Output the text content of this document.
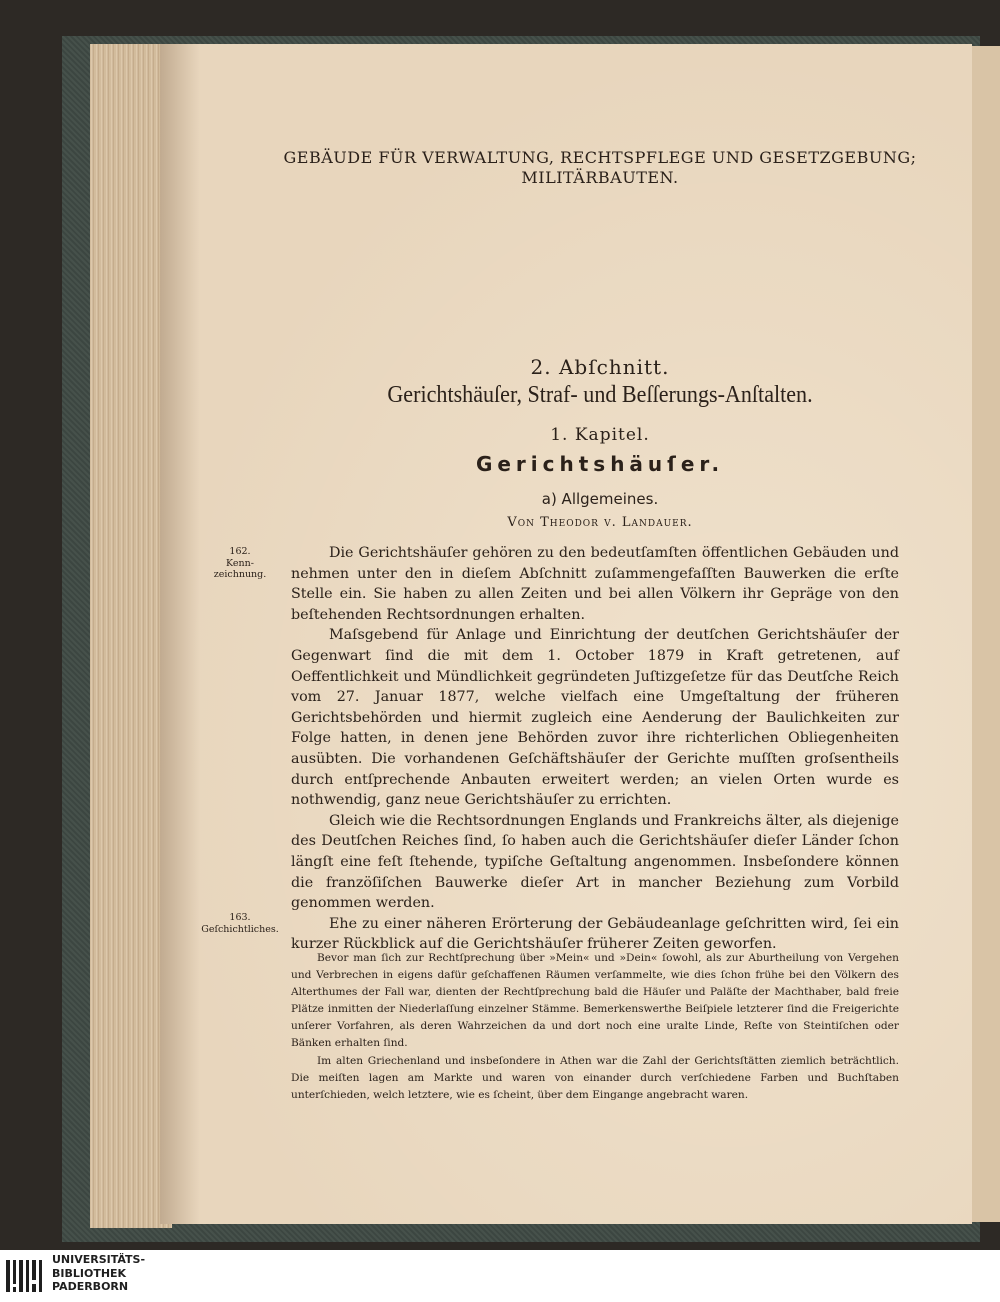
GEBÄUDE FÜR VERWALTUNG, RECHTSPFLEGE UND GESETZGEBUNG;
MILITÄRBAUTEN.
2. Abſchnitt.
Gerichtshäuſer, Straf- und Beſſerungs-Anſtalten.
1. Kapitel.
Gerichtshäuſer.
a) Allgemeines.
Von Theodor v. Landauer.
162.
Kenn-
zeichnung.
163.
Geſchichtliches.

Die Gerichtshäuſer gehören zu den bedeutſamſten öffentlichen Gebäuden und nehmen unter den in dieſem Abſchnitt zuſammengefaſſten Bauwerken die erſte Stelle ein. Sie haben zu allen Zeiten und bei allen Völkern ihr Gepräge von den beſtehenden Rechtsordnungen erhalten.

Maſsgebend für Anlage und Einrichtung der deutſchen Gerichtshäuſer der Gegenwart ſind die mit dem 1. October 1879 in Kraft getretenen, auf Oeffentlichkeit und Mündlichkeit gegründeten Juſtizgeſetze für das Deutſche Reich vom 27. Januar 1877, welche vielfach eine Umgeſtaltung der früheren Gerichtsbehörden und hiermit zugleich eine Aenderung der Baulichkeiten zur Folge hatten, in denen jene Behörden zuvor ihre richterlichen Obliegenheiten ausübten. Die vorhandenen Geſchäftshäuſer der Gerichte muſſten groſsentheils durch entſprechende Anbauten erweitert werden; an vielen Orten wurde es nothwendig, ganz neue Gerichtshäuſer zu errichten.

Gleich wie die Rechtsordnungen Englands und Frankreichs älter, als diejenige des Deutſchen Reiches ſind, ſo haben auch die Gerichtshäuſer dieſer Länder ſchon längſt eine feſt ſtehende, typiſche Geſtaltung angenommen. Insbeſondere können die franzöſiſchen Bauwerke dieſer Art in mancher Beziehung zum Vorbild genommen werden.

Ehe zu einer näheren Erörterung der Gebäudeanlage geſchritten wird, ſei ein kurzer Rückblick auf die Gerichtshäuſer früherer Zeiten geworfen.

Bevor man ſich zur Rechtſprechung über »Mein« und »Dein« ſowohl, als zur Aburtheilung von Vergehen und Verbrechen in eigens dafür geſchaffenen Räumen verſammelte, wie dies ſchon frühe bei den Völkern des Alterthumes der Fall war, dienten der Rechtſprechung bald die Häuſer und Paläſte der Machthaber, bald freie Plätze inmitten der Niederlaſſung einzelner Stämme. Bemerkenswerthe Beiſpiele letzterer ſind die Freigerichte unſerer Vorfahren, als deren Wahrzeichen da und dort noch eine uralte Linde, Reſte von Steintiſchen oder Bänken erhalten ſind.

Im alten Griechenland und insbeſondere in Athen war die Zahl der Gerichtsſtätten ziemlich beträchtlich. Die meiſten lagen am Markte und waren von einander durch verſchiedene Farben und Buchſtaben unterſchieden, welch letztere, wie es ſcheint, über dem Eingange angebracht waren.

UNIVERSITÄTS-
BIBLIOTHEK
PADERBORN
